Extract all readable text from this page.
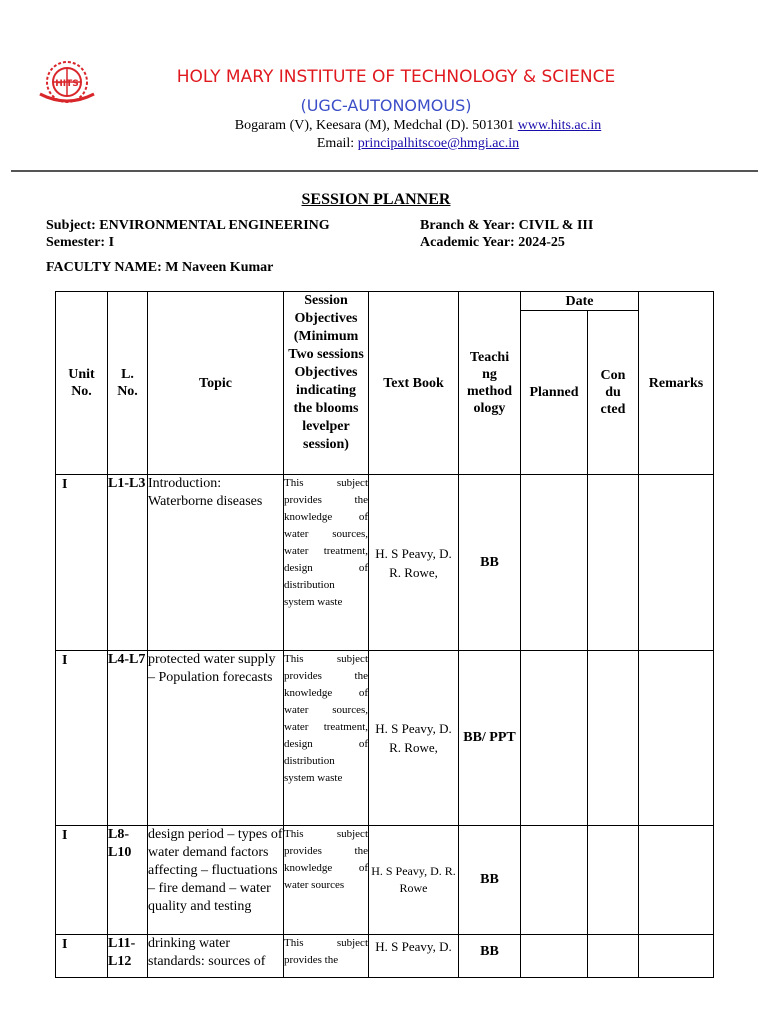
HITS	HOLY MARY INSTITUTE OF TECHNOLOGY & SCIENCE
(UGC-AUTONOMOUS)
Bogaram (V), Keesara (M), Medchal (D). 501301 www.hits.ac.in
Email: principalhitscoe@hmgi.ac.in
SESSION PLANNER
Subject: ENVIRONMENTAL ENGINEERING
Semester: I
Branch & Year: CIVIL & III
Academic Year: 2024-25
FACULTY NAME: M Naveen Kumar
Unit No.	L. No.	Topic	Session Objectives (Minimum Two sessions Objectives indicating the blooms levelper session)	Text Book	Teachi ng method ology	Date		Remarks
						Planned	Con du cted	
I	L1-L3	Introduction: Waterborne diseases	This subject provides the knowledge of water sources, water treatment, design of distribution system waste	H. S Peavy, D. R. Rowe,	BB			
I	L4-L7	protected water supply – Population forecasts	This subject provides the knowledge of water sources, water treatment, design of distribution system waste	H. S Peavy, D. R. Rowe,	BB/ PPT			
I	L8-L10	design period – types of water demand factors affecting – fluctuations – fire demand – water quality and testing	This subject provides the knowledge of water sources	H. S Peavy, D. R. Rowe	BB			
I	L11-L12	drinking water standards: sources of	This subject provides the	H. S Peavy, D.	BB			
